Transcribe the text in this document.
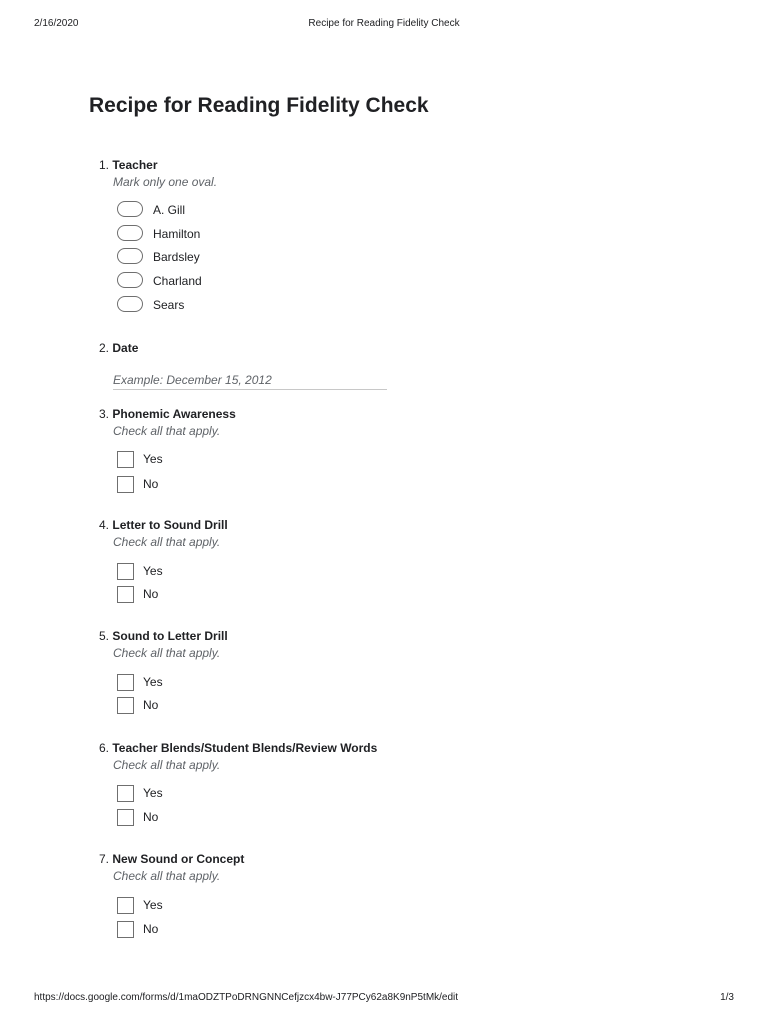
2/16/2020	Recipe for Reading Fidelity Check
Recipe for Reading Fidelity Check
1. Teacher
Mark only one oval.
A. Gill
Hamilton
Bardsley
Charland
Sears
2. Date
Example: December 15, 2012
3. Phonemic Awareness
Check all that apply.
Yes
No
4. Letter to Sound Drill
Check all that apply.
Yes
No
5. Sound to Letter Drill
Check all that apply.
Yes
No
6. Teacher Blends/Student Blends/Review Words
Check all that apply.
Yes
No
7. New Sound or Concept
Check all that apply.
Yes
No
https://docs.google.com/forms/d/1maODZTPoDRNGNNCefjzcx4bw-J77PCy62a8K9nP5tMk/edit	1/3
